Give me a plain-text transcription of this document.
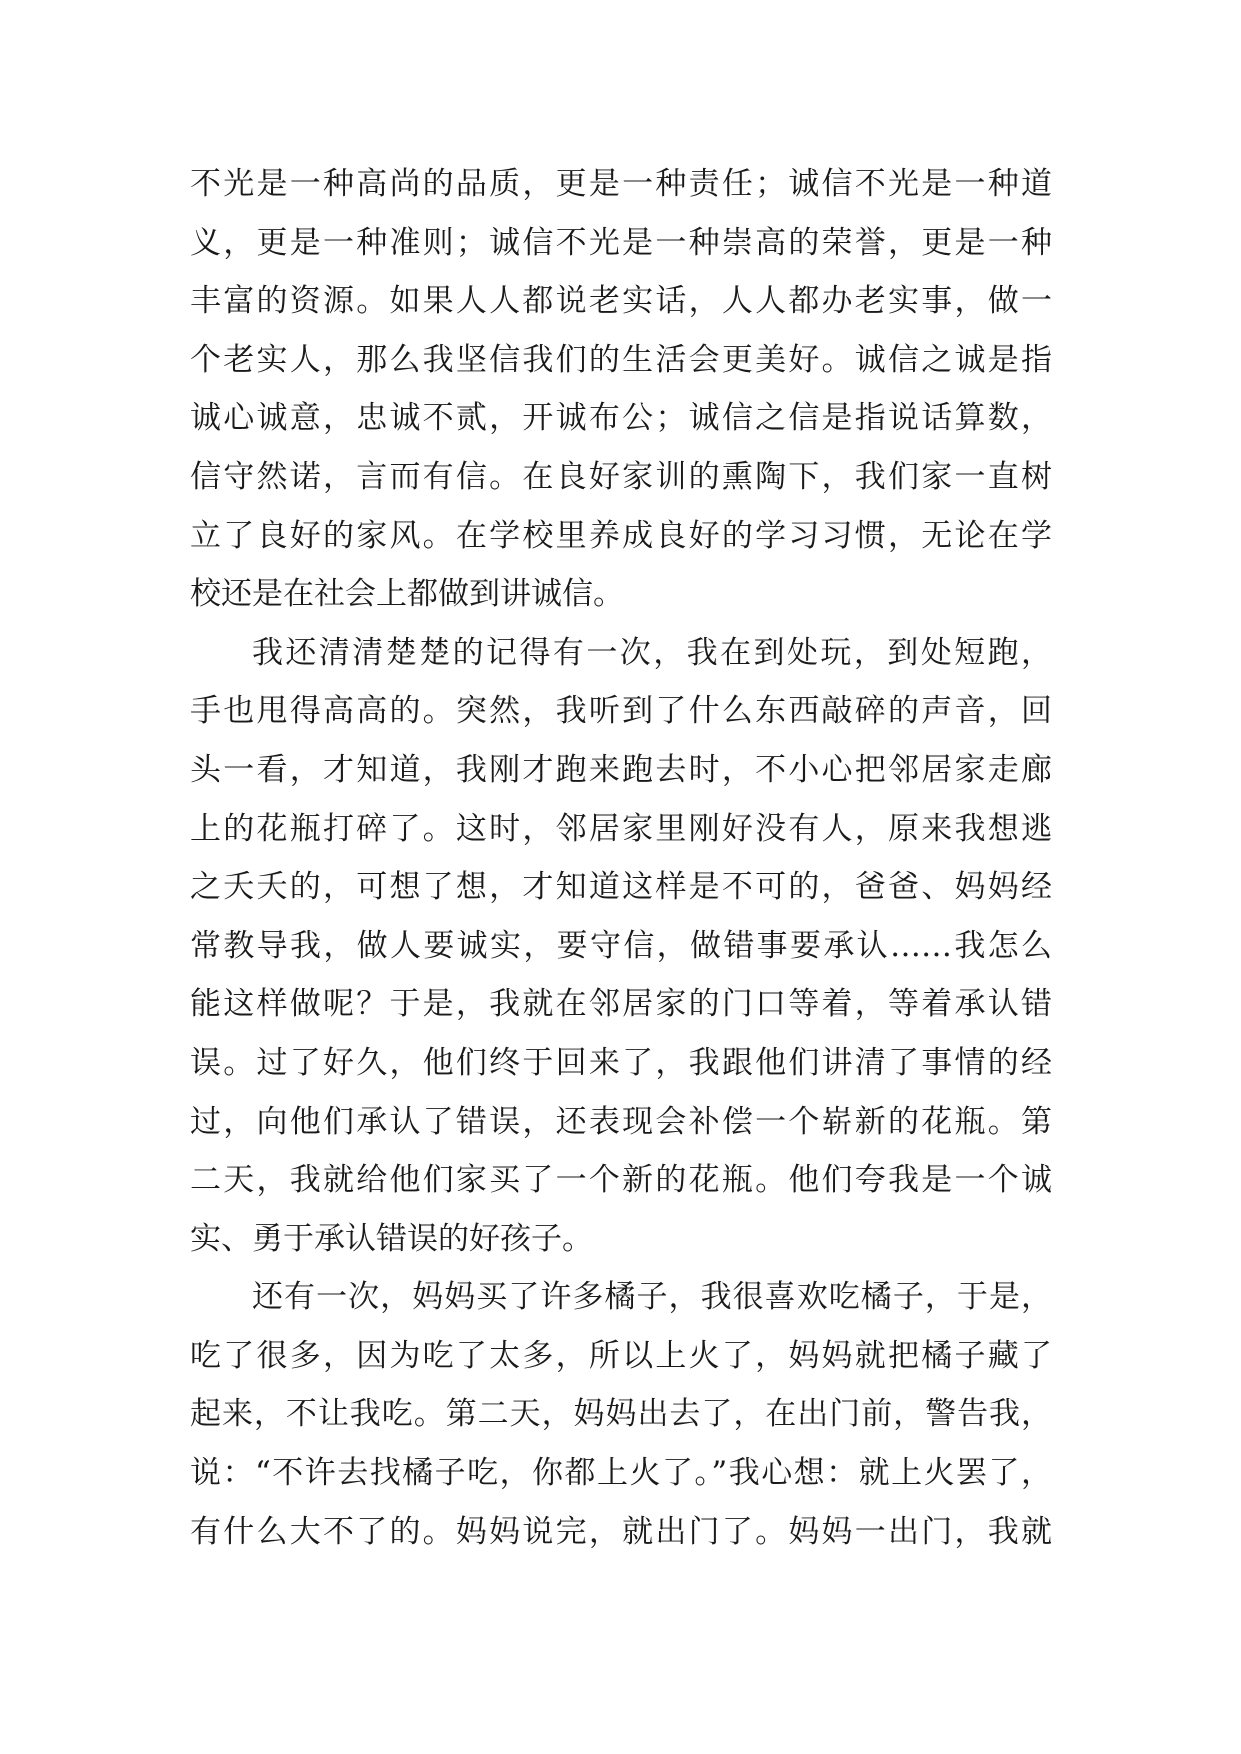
不光是一种高尚的品质，更是一种责任；诚信不光是一种道
义，更是一种准则；诚信不光是一种崇高的荣誉，更是一种
丰富的资源。如果人人都说老实话，人人都办老实事，做一
个老实人，那么我坚信我们的生活会更美好。诚信之诚是指
诚心诚意，忠诚不贰，开诚布公；诚信之信是指说话算数，
信守然诺，言而有信。在良好家训的熏陶下，我们家一直树
立了良好的家风。在学校里养成良好的学习习惯，无论在学
校还是在社会上都做到讲诚信。
我还清清楚楚的记得有一次，我在到处玩，到处短跑，
手也甩得高高的。突然，我听到了什么东西敲碎的声音，回
头一看，才知道，我刚才跑来跑去时，不小心把邻居家走廊
上的花瓶打碎了。这时，邻居家里刚好没有人，原来我想逃
之夭夭的，可想了想，才知道这样是不可的，爸爸、妈妈经
常教导我，做人要诚实，要守信，做错事要承认……我怎么
能这样做呢？于是，我就在邻居家的门口等着，等着承认错
误。过了好久，他们终于回来了，我跟他们讲清了事情的经
过，向他们承认了错误，还表现会补偿一个崭新的花瓶。第
二天，我就给他们家买了一个新的花瓶。他们夸我是一个诚
实、勇于承认错误的好孩子。
还有一次，妈妈买了许多橘子，我很喜欢吃橘子，于是，
吃了很多，因为吃了太多，所以上火了，妈妈就把橘子藏了
起来，不让我吃。第二天，妈妈出去了，在出门前，警告我，
说：“不许去找橘子吃，你都上火了。”我心想：就上火罢了，
有什么大不了的。妈妈说完，就出门了。妈妈一出门，我就
